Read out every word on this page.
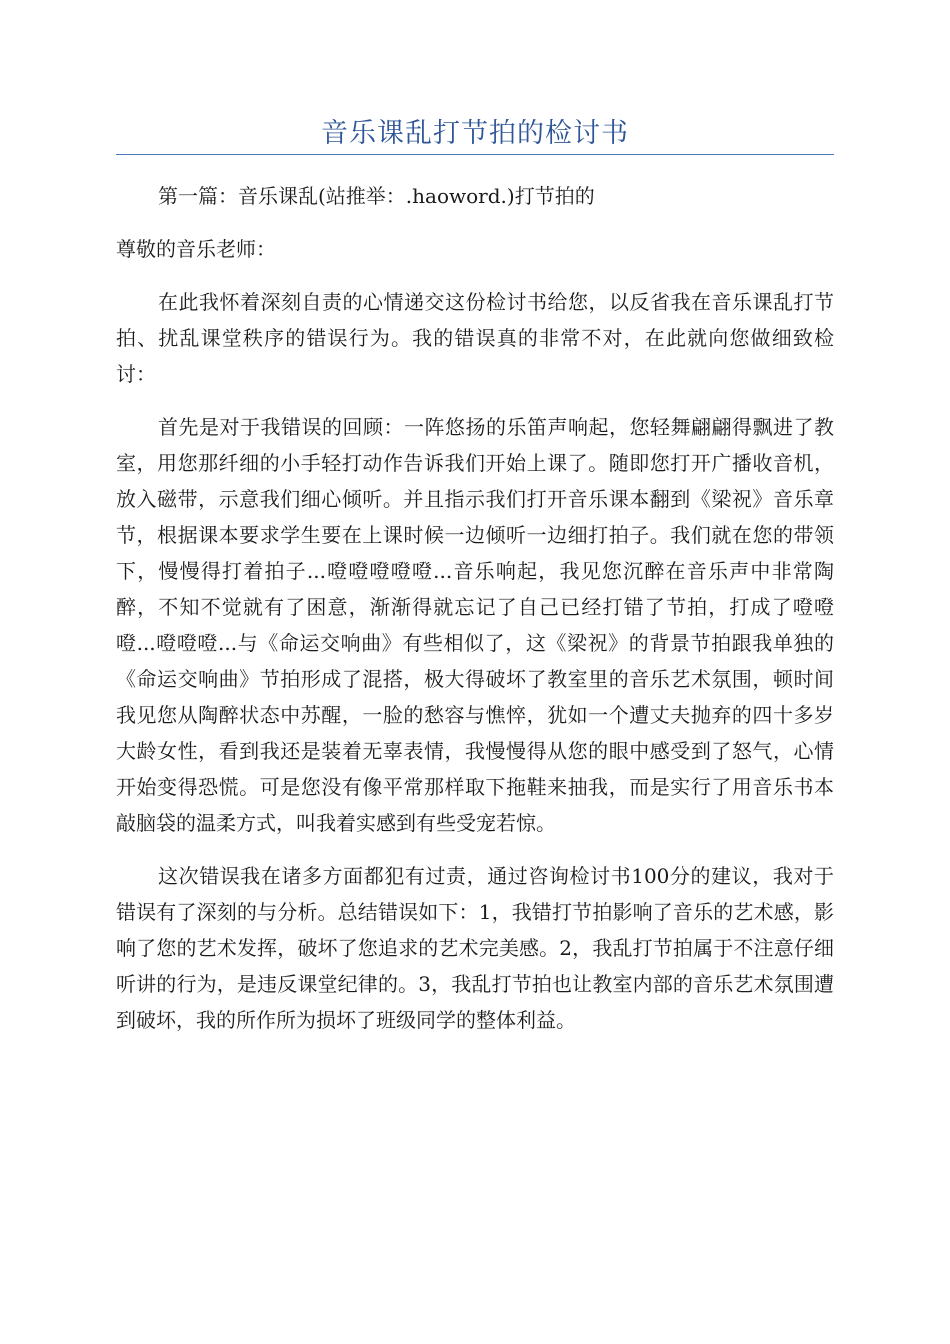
音乐课乱打节拍的检讨书

第一篇：音乐课乱(站推举：.haoword.)打节拍的

尊敬的音乐老师：

在此我怀着深刻自责的心情递交这份检讨书给您，以反省我在音乐课乱打节拍、扰乱课堂秩序的错误行为。我的错误真的非常不对，在此就向您做细致检讨：

首先是对于我错误的回顾：一阵悠扬的乐笛声响起，您轻舞翩翩得飘进了教室，用您那纤细的小手轻打动作告诉我们开始上课了。随即您打开广播收音机，放入磁带，示意我们细心倾听。并且指示我们打开音乐课本翻到《梁祝》音乐章节，根据课本要求学生要在上课时候一边倾听一边细打拍子。我们就在您的带领下，慢慢得打着拍子...噔噔噔噔噔...音乐响起，我见您沉醉在音乐声中非常陶醉，不知不觉就有了困意，渐渐得就忘记了自己已经打错了节拍，打成了噔噔噔...噔噔噔...与《命运交响曲》有些相似了，这《梁祝》的背景节拍跟我单独的《命运交响曲》节拍形成了混搭，极大得破坏了教室里的音乐艺术氛围，顿时间我见您从陶醉状态中苏醒，一脸的愁容与憔悴，犹如一个遭丈夫抛弃的四十多岁大龄女性，看到我还是装着无辜表情，我慢慢得从您的眼中感受到了怒气，心情开始变得恐慌。可是您没有像平常那样取下拖鞋来抽我，而是实行了用音乐书本敲脑袋的温柔方式，叫我着实感到有些受宠若惊。

这次错误我在诸多方面都犯有过责，通过咨询检讨书100分的建议，我对于错误有了深刻的与分析。总结错误如下：1，我错打节拍影响了音乐的艺术感，影响了您的艺术发挥，破坏了您追求的艺术完美感。2，我乱打节拍属于不注意仔细听讲的行为，是违反课堂纪律的。3，我乱打节拍也让教室内部的音乐艺术氛围遭到破坏，我的所作所为损坏了班级同学的整体利益。
